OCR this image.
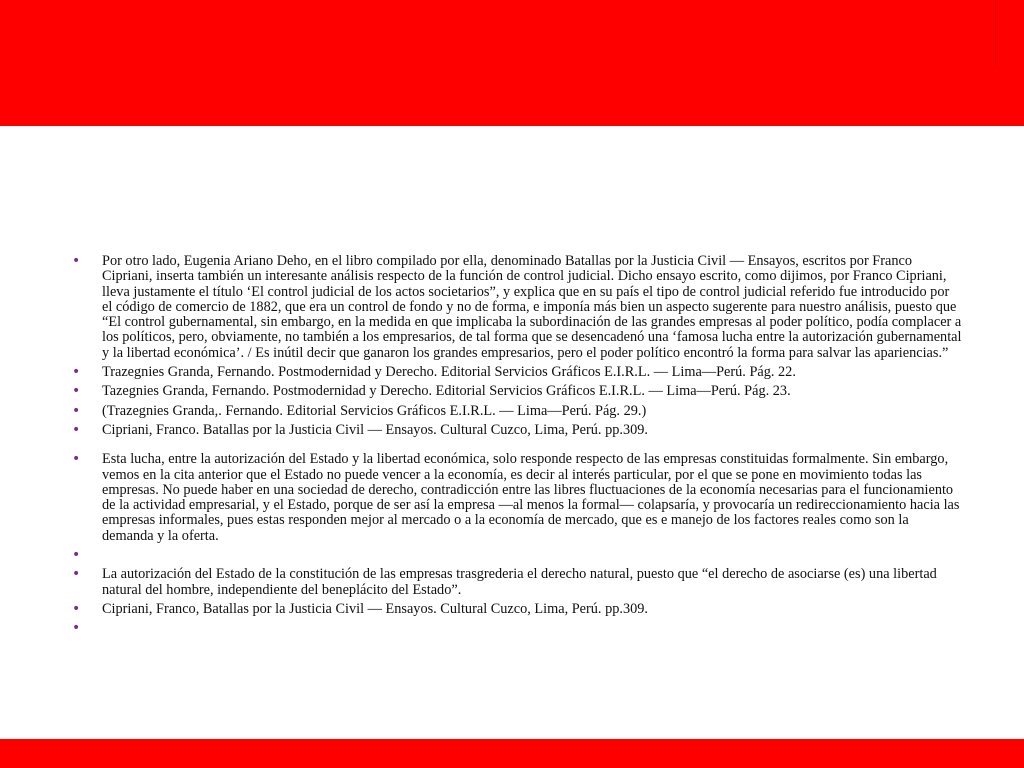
• Por otro lado, Eugenia Ariano Deho, en el libro compilado por ella, denominado Batallas por la Justicia Civil — Ensayos, escritos por Franco Cipriani, inserta también un interesante análisis respecto de la función de control judicial. Dicho ensayo escrito, como dijimos, por Franco Cipriani, lleva justamente el título ‘El control judicial de los actos societarios”, y explica que en su país el tipo de control judicial referido fue introducido por el código de comercio de 1882, que era un control de fondo y no de forma, e imponía más bien un aspecto sugerente para nuestro análisis, puesto que “El control gubernamental, sin embargo, en la medida en que implicaba la subordinación de las grandes empresas al poder político, podía complacer a los políticos, pero, obviamente, no también a los empresarios, de tal forma que se desencadenó una ‘famosa lucha entre la autorización gubernamental y la libertad económica’. / Es inútil decir que ganaron los grandes empresarios, pero el poder político encontró la forma para salvar las apariencias.”
• Trazegnies Granda, Fernando. Postmodernidad y Derecho. Editorial Servicios Gráficos E.I.R.L. — Lima—Perú. Pág. 22.
• Tazegnies Granda, Fernando. Postmodernidad y Derecho. Editorial Servicios Gráficos E.I.R.L. — Lima—Perú. Pág. 23.
• (Trazegnies Granda,. Fernando. Editorial Servicios Gráficos E.I.R.L. — Lima—Perú. Pág. 29.)
• Cipriani, Franco. Batallas por la Justicia Civil — Ensayos. Cultural Cuzco, Lima, Perú. pp.309.
• Esta lucha, entre la autorización del Estado y la libertad económica, solo responde respecto de las empresas constituidas formalmente. Sin embargo, vemos en la cita anterior que el Estado no puede vencer a la economía, es decir al interés particular, por el que se pone en movimiento todas las empresas. No puede haber en una sociedad de derecho, contradicción entre las libres fluctuaciones de la economía necesarias para el funcionamiento de la actividad empresarial, y el Estado, porque de ser así la empresa —al menos la formal— colapsaría, y provocaría un redireccionamiento hacia las empresas informales, pues estas responden mejor al mercado o a la economía de mercado, que es e manejo de los factores reales como son la demanda y la oferta.
•
• La autorización del Estado de la constitución de las empresas trasgrederia el derecho natural, puesto que “el derecho de asociarse (es) una libertad natural del hombre, independiente del beneplácito del Estado”.
• Cipriani, Franco, Batallas por la Justicia Civil — Ensayos. Cultural Cuzco, Lima, Perú. pp.309.
•
